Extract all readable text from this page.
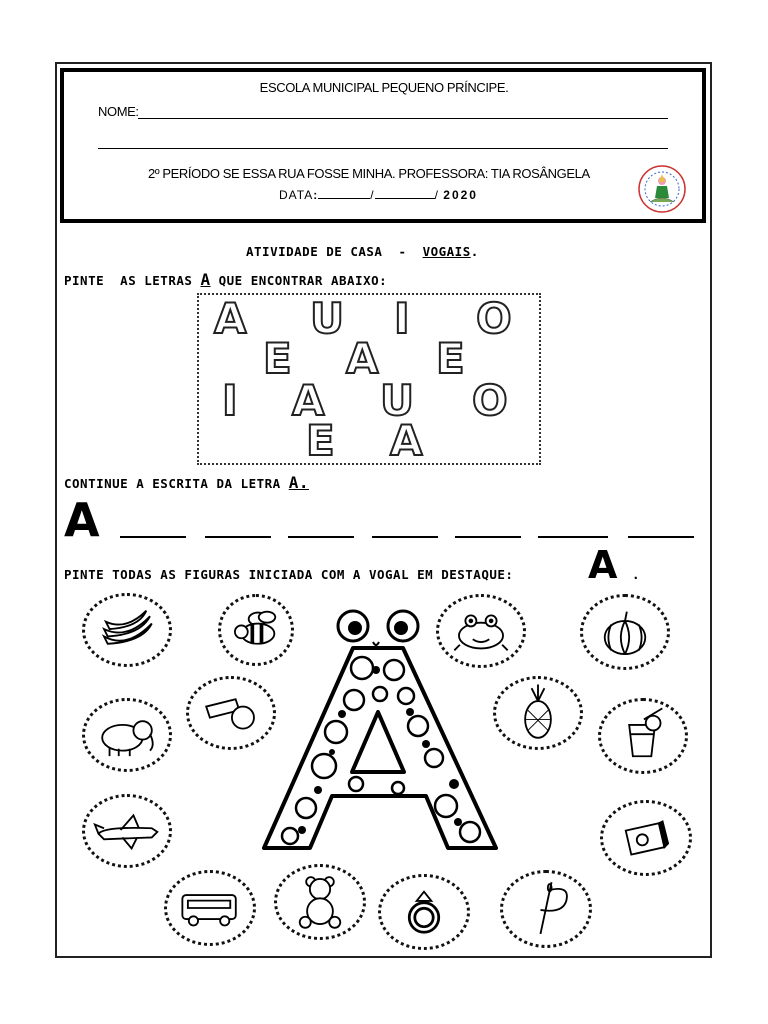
ESCOLA MUNICIPAL PEQUENO PRÍNCIPE.
NOME:
2º PERÍODO SE ESSA RUA FOSSE MINHA. PROFESSORA: TIA ROSÂNGELA
DATA:	/	/ 2020
ATIVIDADE DE CASA  -  VOGAIS.
PINTE  AS LETRAS A QUE ENCONTRAR ABAIXO:
A U I O
E A E
I A U O
E A
CONTINUE A ESCRITA DA LETRA A.
A
PINTE TODAS AS FIGURAS INICIADA COM A VOGAL EM DESTAQUE: A .
